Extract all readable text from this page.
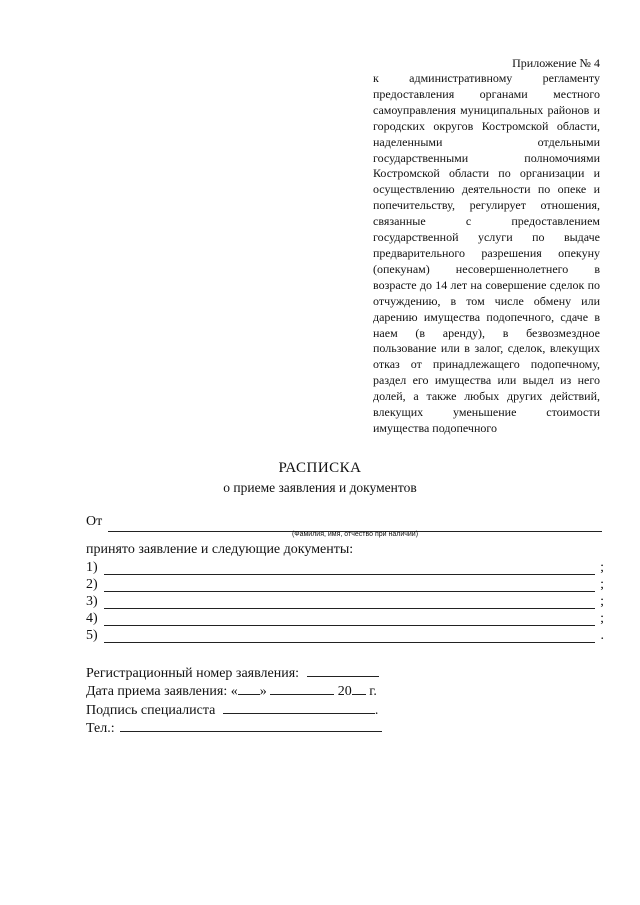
Приложение № 4
к административному регламенту предоставления органами местного самоуправления муниципальных районов и городских округов Костромской области, наделенными отдельными государственными полномочиями Костромской области по организации и осуществлению деятельности по опеке и попечительству, регулирует отношения, связанные с предоставлением государственной услуги по выдаче предварительного разрешения опекуну (опекунам) несовершеннолетнего в возрасте до 14 лет на совершение сделок по отчуждению, в том числе обмену или дарению имущества подопечного, сдаче в наем (в аренду), в безвозмездное пользование или в залог, сделок, влекущих отказ от принадлежащего подопечному, раздел его имущества или выдел из него долей, а также любых других действий, влекущих уменьшение стоимости имущества подопечного
РАСПИСКА
о приеме заявления и документов
От
(Фамилия, имя, отчество при наличии)
принято заявление и следующие документы:
1)	;
2)	;
3)	;
4)	;
5)	.
Регистрационный номер заявления:
Дата приема заявления: « »	20 г.
Подпись специалиста	.
Тел.:
